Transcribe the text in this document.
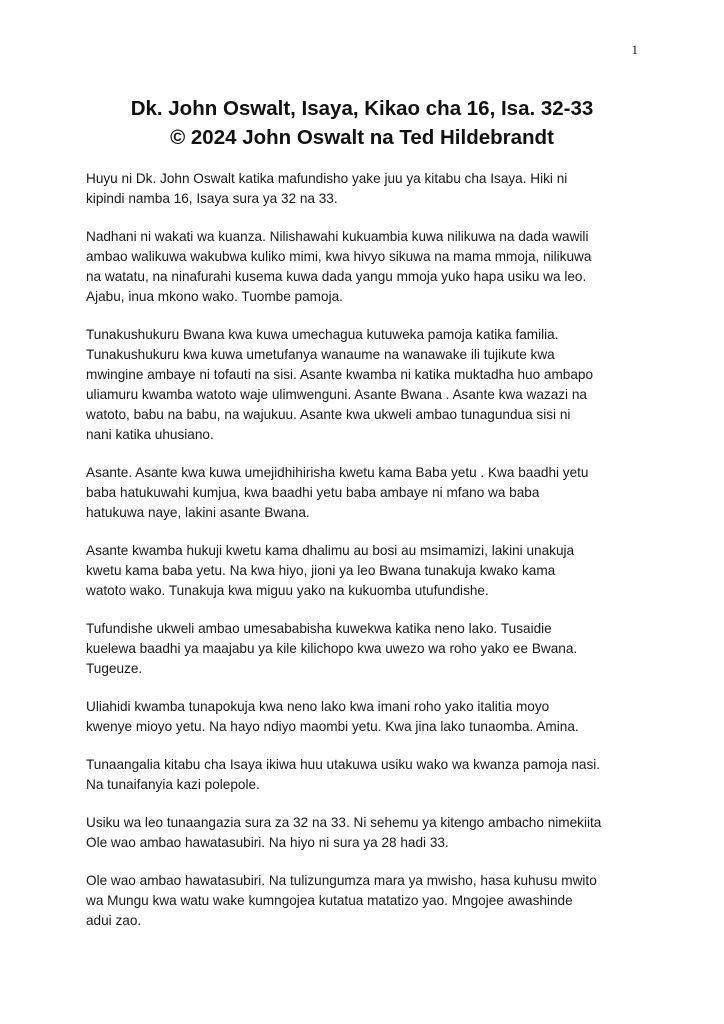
1
Dk. John Oswalt, Isaya, Kikao cha 16, Isa. 32-33
© 2024 John Oswalt na Ted Hildebrandt

Huyu ni Dk. John Oswalt katika mafundisho yake juu ya kitabu cha Isaya. Hiki ni
kipindi namba 16, Isaya sura ya 32 na 33.

Nadhani ni wakati wa kuanza. Nilishawahi kukuambia kuwa nilikuwa na dada wawili
ambao walikuwa wakubwa kuliko mimi, kwa hivyo sikuwa na mama mmoja, nilikuwa
na watatu, na ninafurahi kusema kuwa dada yangu mmoja yuko hapa usiku wa leo.
Ajabu, inua mkono wako. Tuombe pamoja.

Tunakushukuru Bwana kwa kuwa umechagua kutuweka pamoja katika familia.
Tunakushukuru kwa kuwa umetufanya wanaume na wanawake ili tujikute kwa
mwingine ambaye ni tofauti na sisi. Asante kwamba ni katika muktadha huo ambapo
uliamuru kwamba watoto waje ulimwenguni. Asante Bwana . Asante kwa wazazi na
watoto, babu na babu, na wajukuu. Asante kwa ukweli ambao tunagundua sisi ni
nani katika uhusiano.

Asante. Asante kwa kuwa umejidhihirisha kwetu kama Baba yetu . Kwa baadhi yetu
baba hatukuwahi kumjua, kwa baadhi yetu baba ambaye ni mfano wa baba
hatukuwa naye, lakini asante Bwana.

Asante kwamba hukuji kwetu kama dhalimu au bosi au msimamizi, lakini unakuja
kwetu kama baba yetu. Na kwa hiyo, jioni ya leo Bwana tunakuja kwako kama
watoto wako. Tunakuja kwa miguu yako na kukuomba utufundishe.

Tufundishe ukweli ambao umesababisha kuwekwa katika neno lako. Tusaidie
kuelewa baadhi ya maajabu ya kile kilichopo kwa uwezo wa roho yako ee Bwana.
Tugeuze.

Uliahidi kwamba tunapokuja kwa neno lako kwa imani roho yako italitia moyo
kwenye mioyo yetu. Na hayo ndiyo maombi yetu. Kwa jina lako tunaomba. Amina.

Tunaangalia kitabu cha Isaya ikiwa huu utakuwa usiku wako wa kwanza pamoja nasi.
Na tunaifanyia kazi polepole.

Usiku wa leo tunaangazia sura za 32 na 33. Ni sehemu ya kitengo ambacho nimekiita
Ole wao ambao hawatasubiri. Na hiyo ni sura ya 28 hadi 33.

Ole wao ambao hawatasubiri. Na tulizungumza mara ya mwisho, hasa kuhusu mwito
wa Mungu kwa watu wake kumngojea kutatua matatizo yao. Mngojee awashinde
adui zao.
